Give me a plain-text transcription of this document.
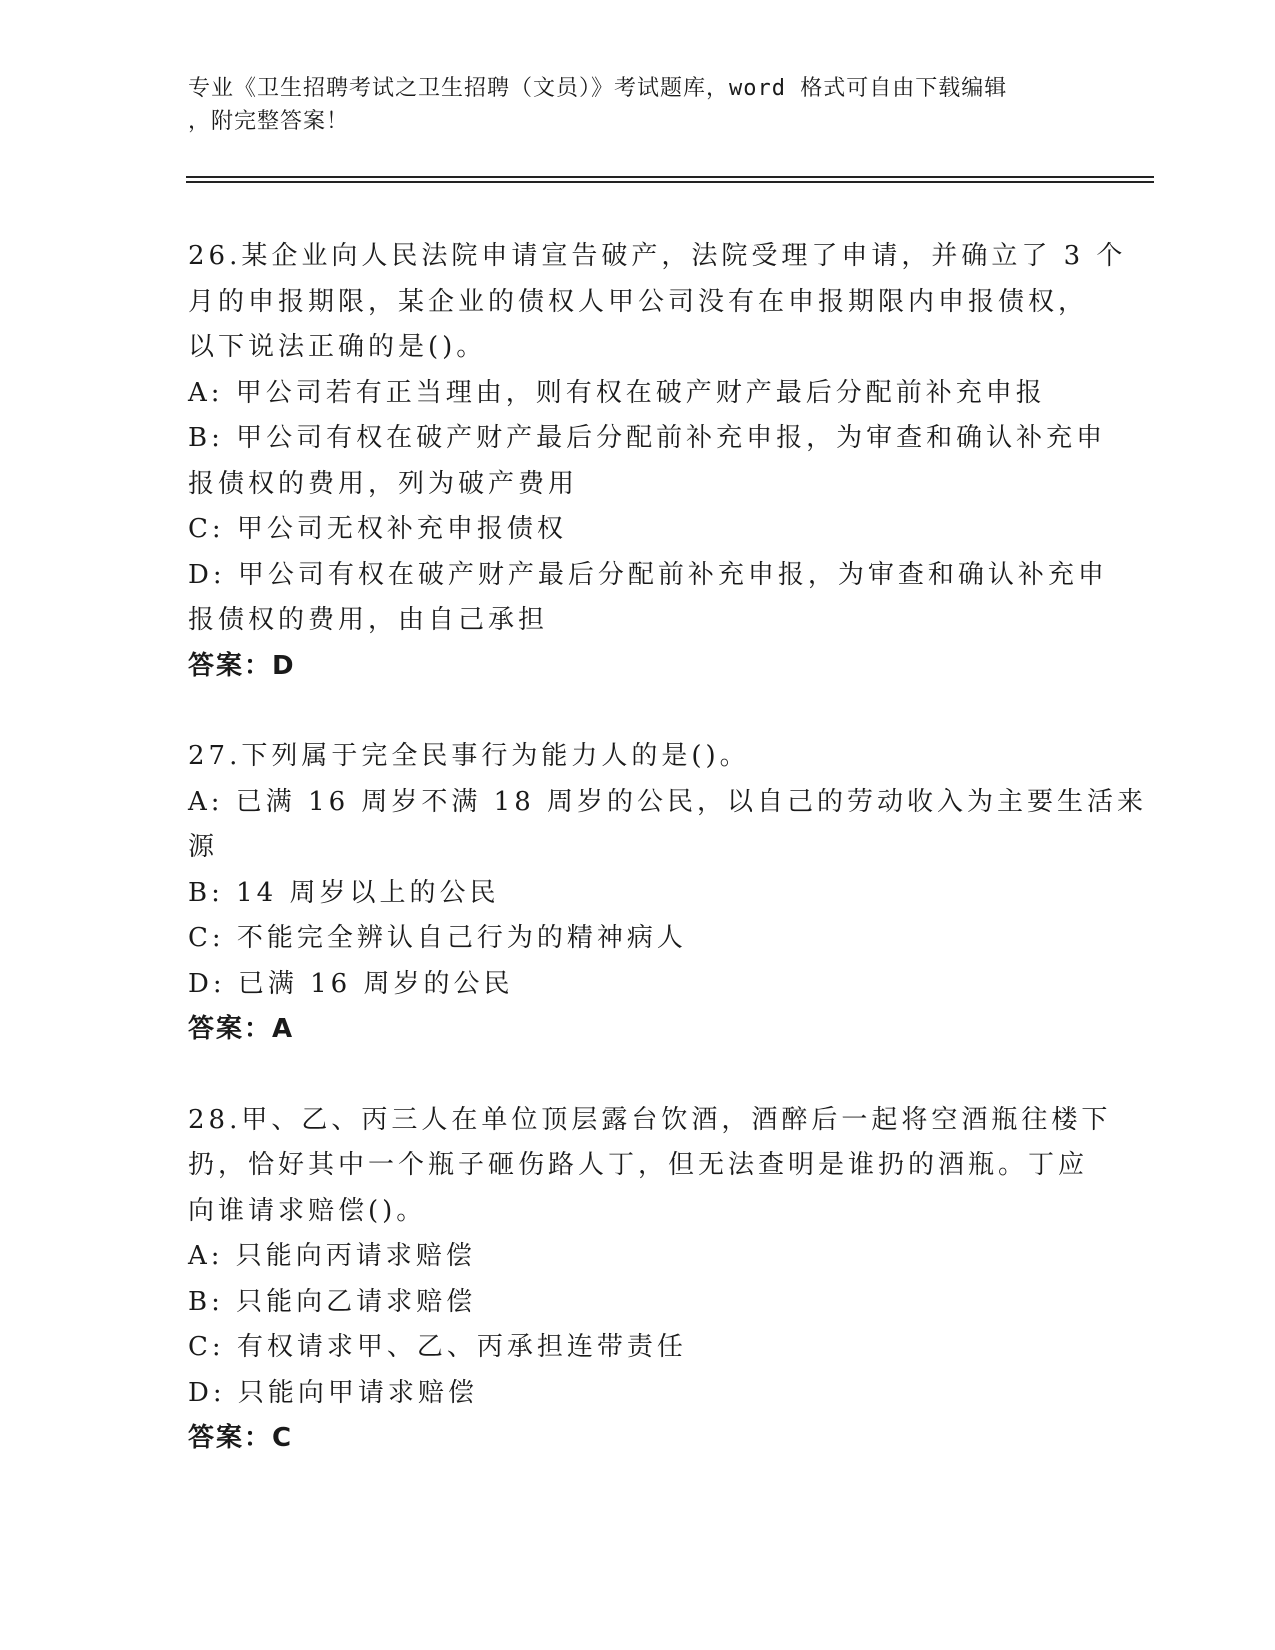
专业《卫生招聘考试之卫生招聘（文员）》考试题库，word 格式可自由下载编辑
，附完整答案！
26.某企业向人民法院申请宣告破产，法院受理了申请，并确立了 3 个
月的申报期限，某企业的债权人甲公司没有在申报期限内申报债权，
以下说法正确的是()。
A: 甲公司若有正当理由，则有权在破产财产最后分配前补充申报
B: 甲公司有权在破产财产最后分配前补充申报，为审查和确认补充申
报债权的费用，列为破产费用
C: 甲公司无权补充申报债权
D: 甲公司有权在破产财产最后分配前补充申报，为审查和确认补充申
报债权的费用，由自己承担
答案：D
27.下列属于完全民事行为能力人的是()。
A: 已满 16 周岁不满 18 周岁的公民，以自己的劳动收入为主要生活来
源
B: 14 周岁以上的公民
C: 不能完全辨认自己行为的精神病人
D: 已满 16 周岁的公民
答案：A
28.甲、乙、丙三人在单位顶层露台饮酒，酒醉后一起将空酒瓶往楼下
扔，恰好其中一个瓶子砸伤路人丁，但无法查明是谁扔的酒瓶。丁应
向谁请求赔偿()。
A: 只能向丙请求赔偿
B: 只能向乙请求赔偿
C: 有权请求甲、乙、丙承担连带责任
D: 只能向甲请求赔偿
答案：C
